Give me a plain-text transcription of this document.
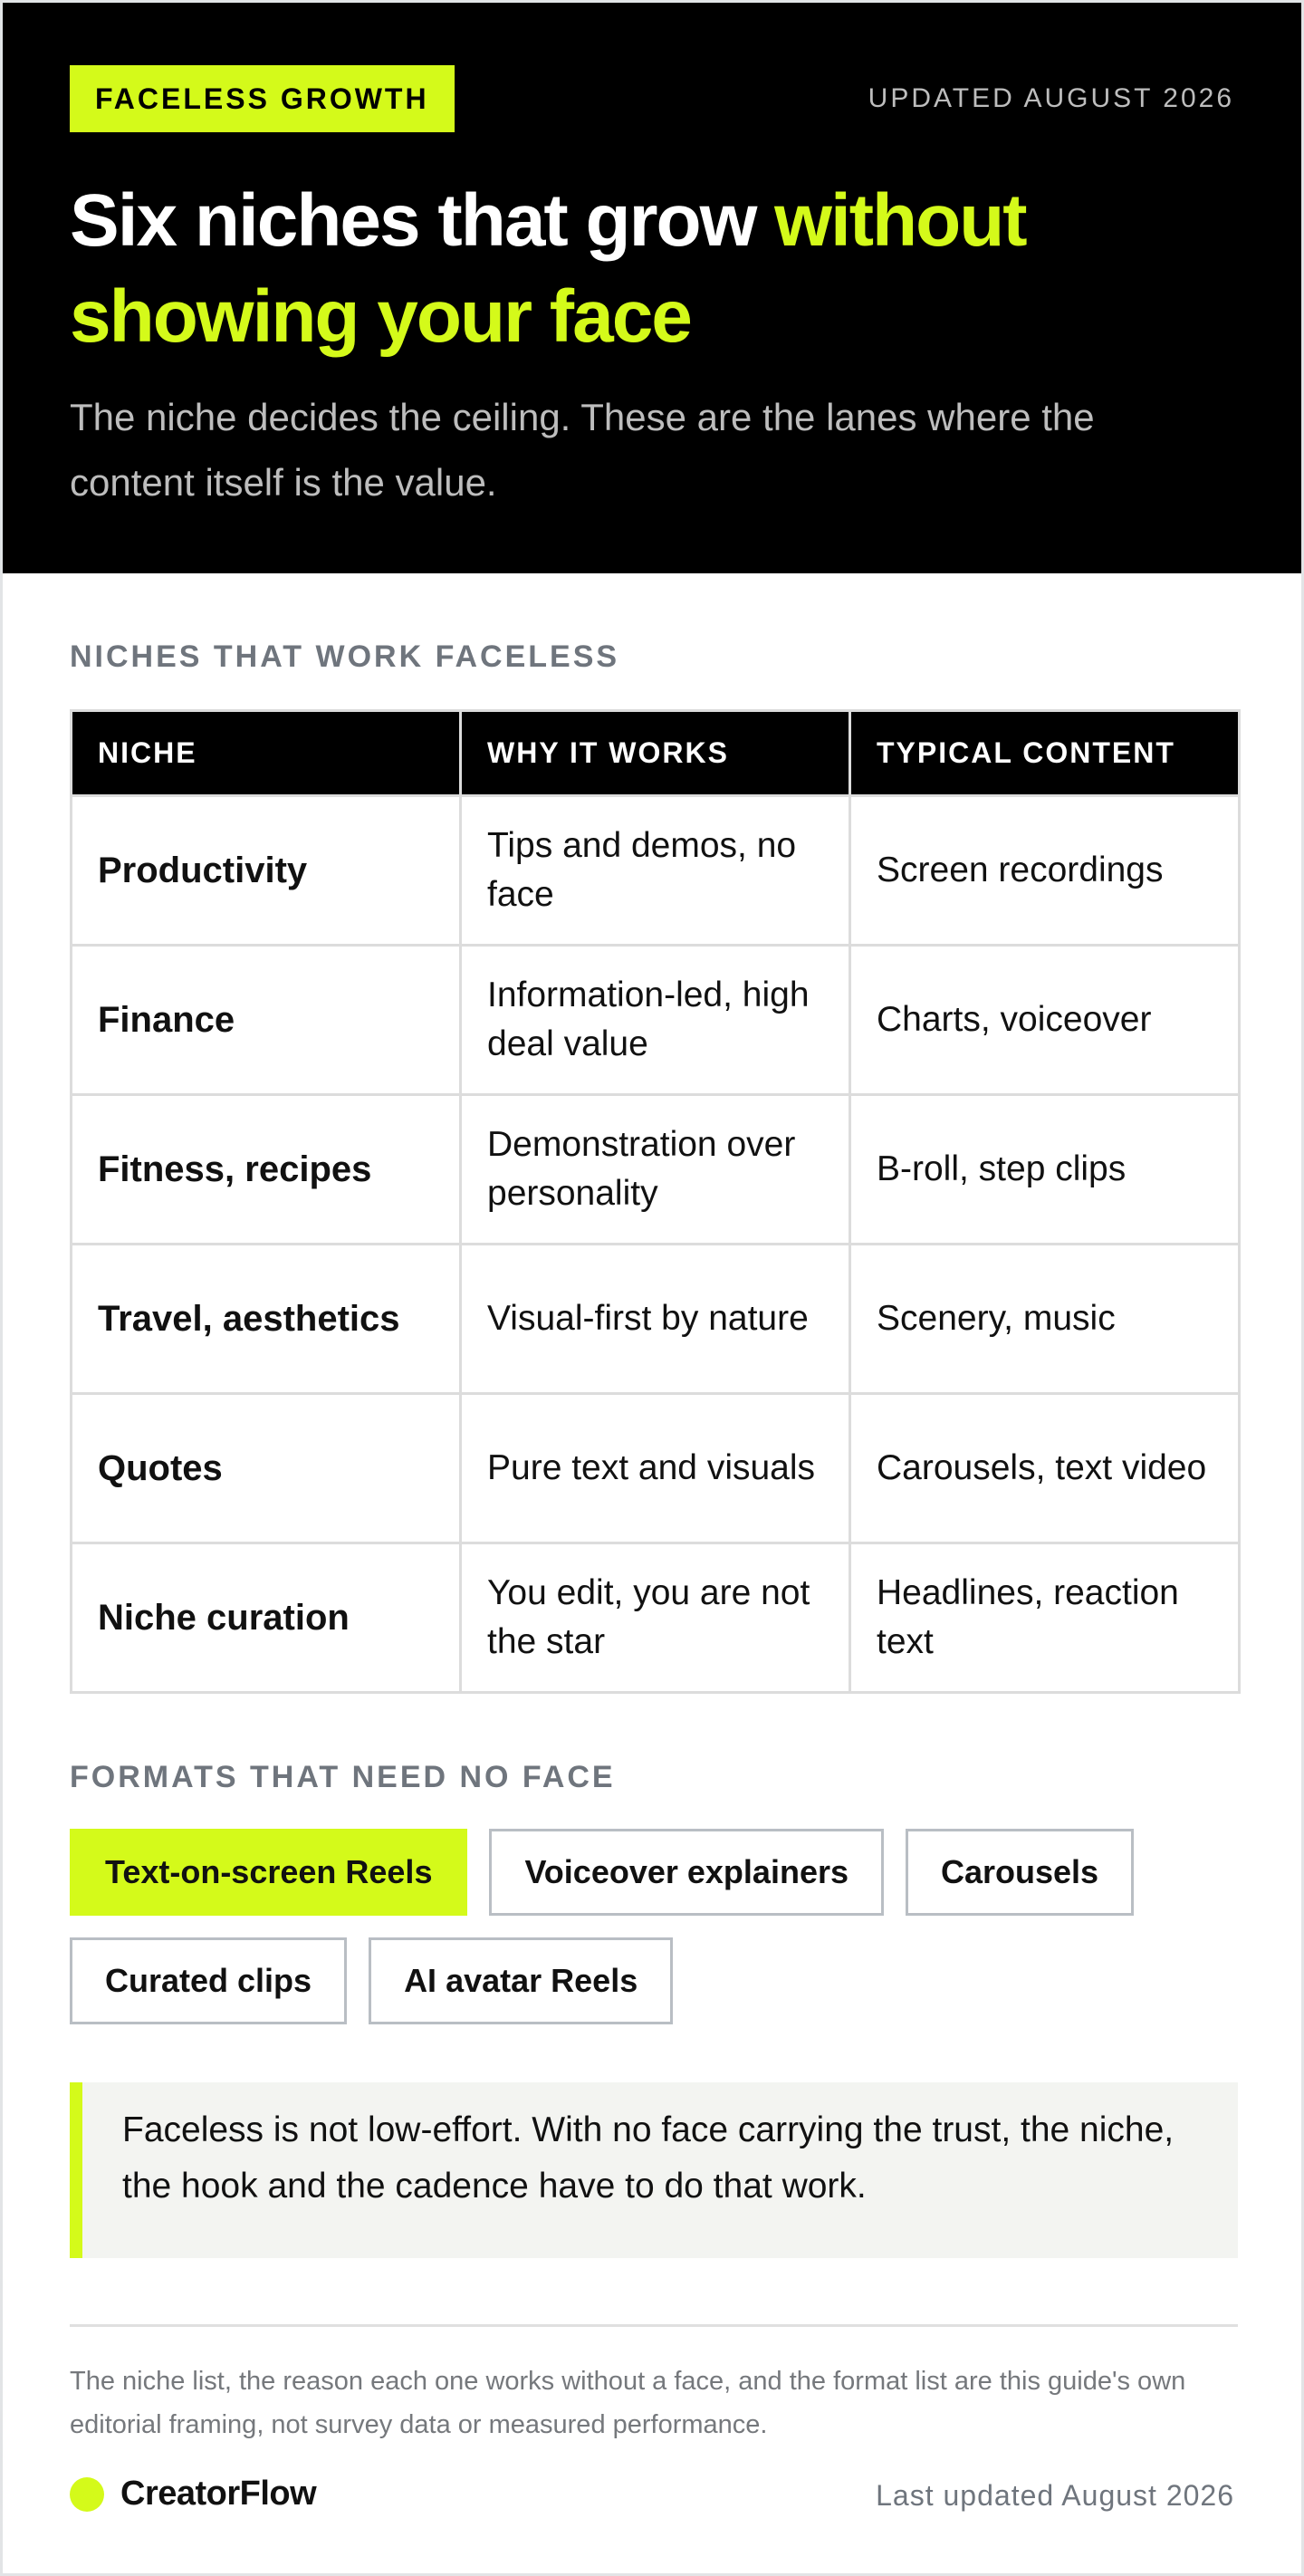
FACELESS GROWTH	UPDATED AUGUST 2026
Six niches that grow without showing your face

The niche decides the ceiling. These are the lanes where the content itself is the value.

NICHES THAT WORK FACELESS
NICHE	WHY IT WORKS	TYPICAL CONTENT
Productivity	Tips and demos, no face	Screen recordings
Finance	Information-led, high deal value	Charts, voiceover
Fitness, recipes	Demonstration over personality	B-roll, step clips
Travel, aesthetics	Visual-first by nature	Scenery, music
Quotes	Pure text and visuals	Carousels, text video
Niche curation	You edit, you are not the star	Headlines, reaction text
FORMATS THAT NEED NO FACE
Text-on-screen Reels	Voiceover explainers	Carousels
Curated clips	AI avatar Reels

Faceless is not low-effort. With no face carrying the trust, the niche, the hook and the cadence have to do that work.

The niche list, the reason each one works without a face, and the format list are this guide's own editorial framing, not survey data or measured performance.

CreatorFlow	Last updated August 2026
